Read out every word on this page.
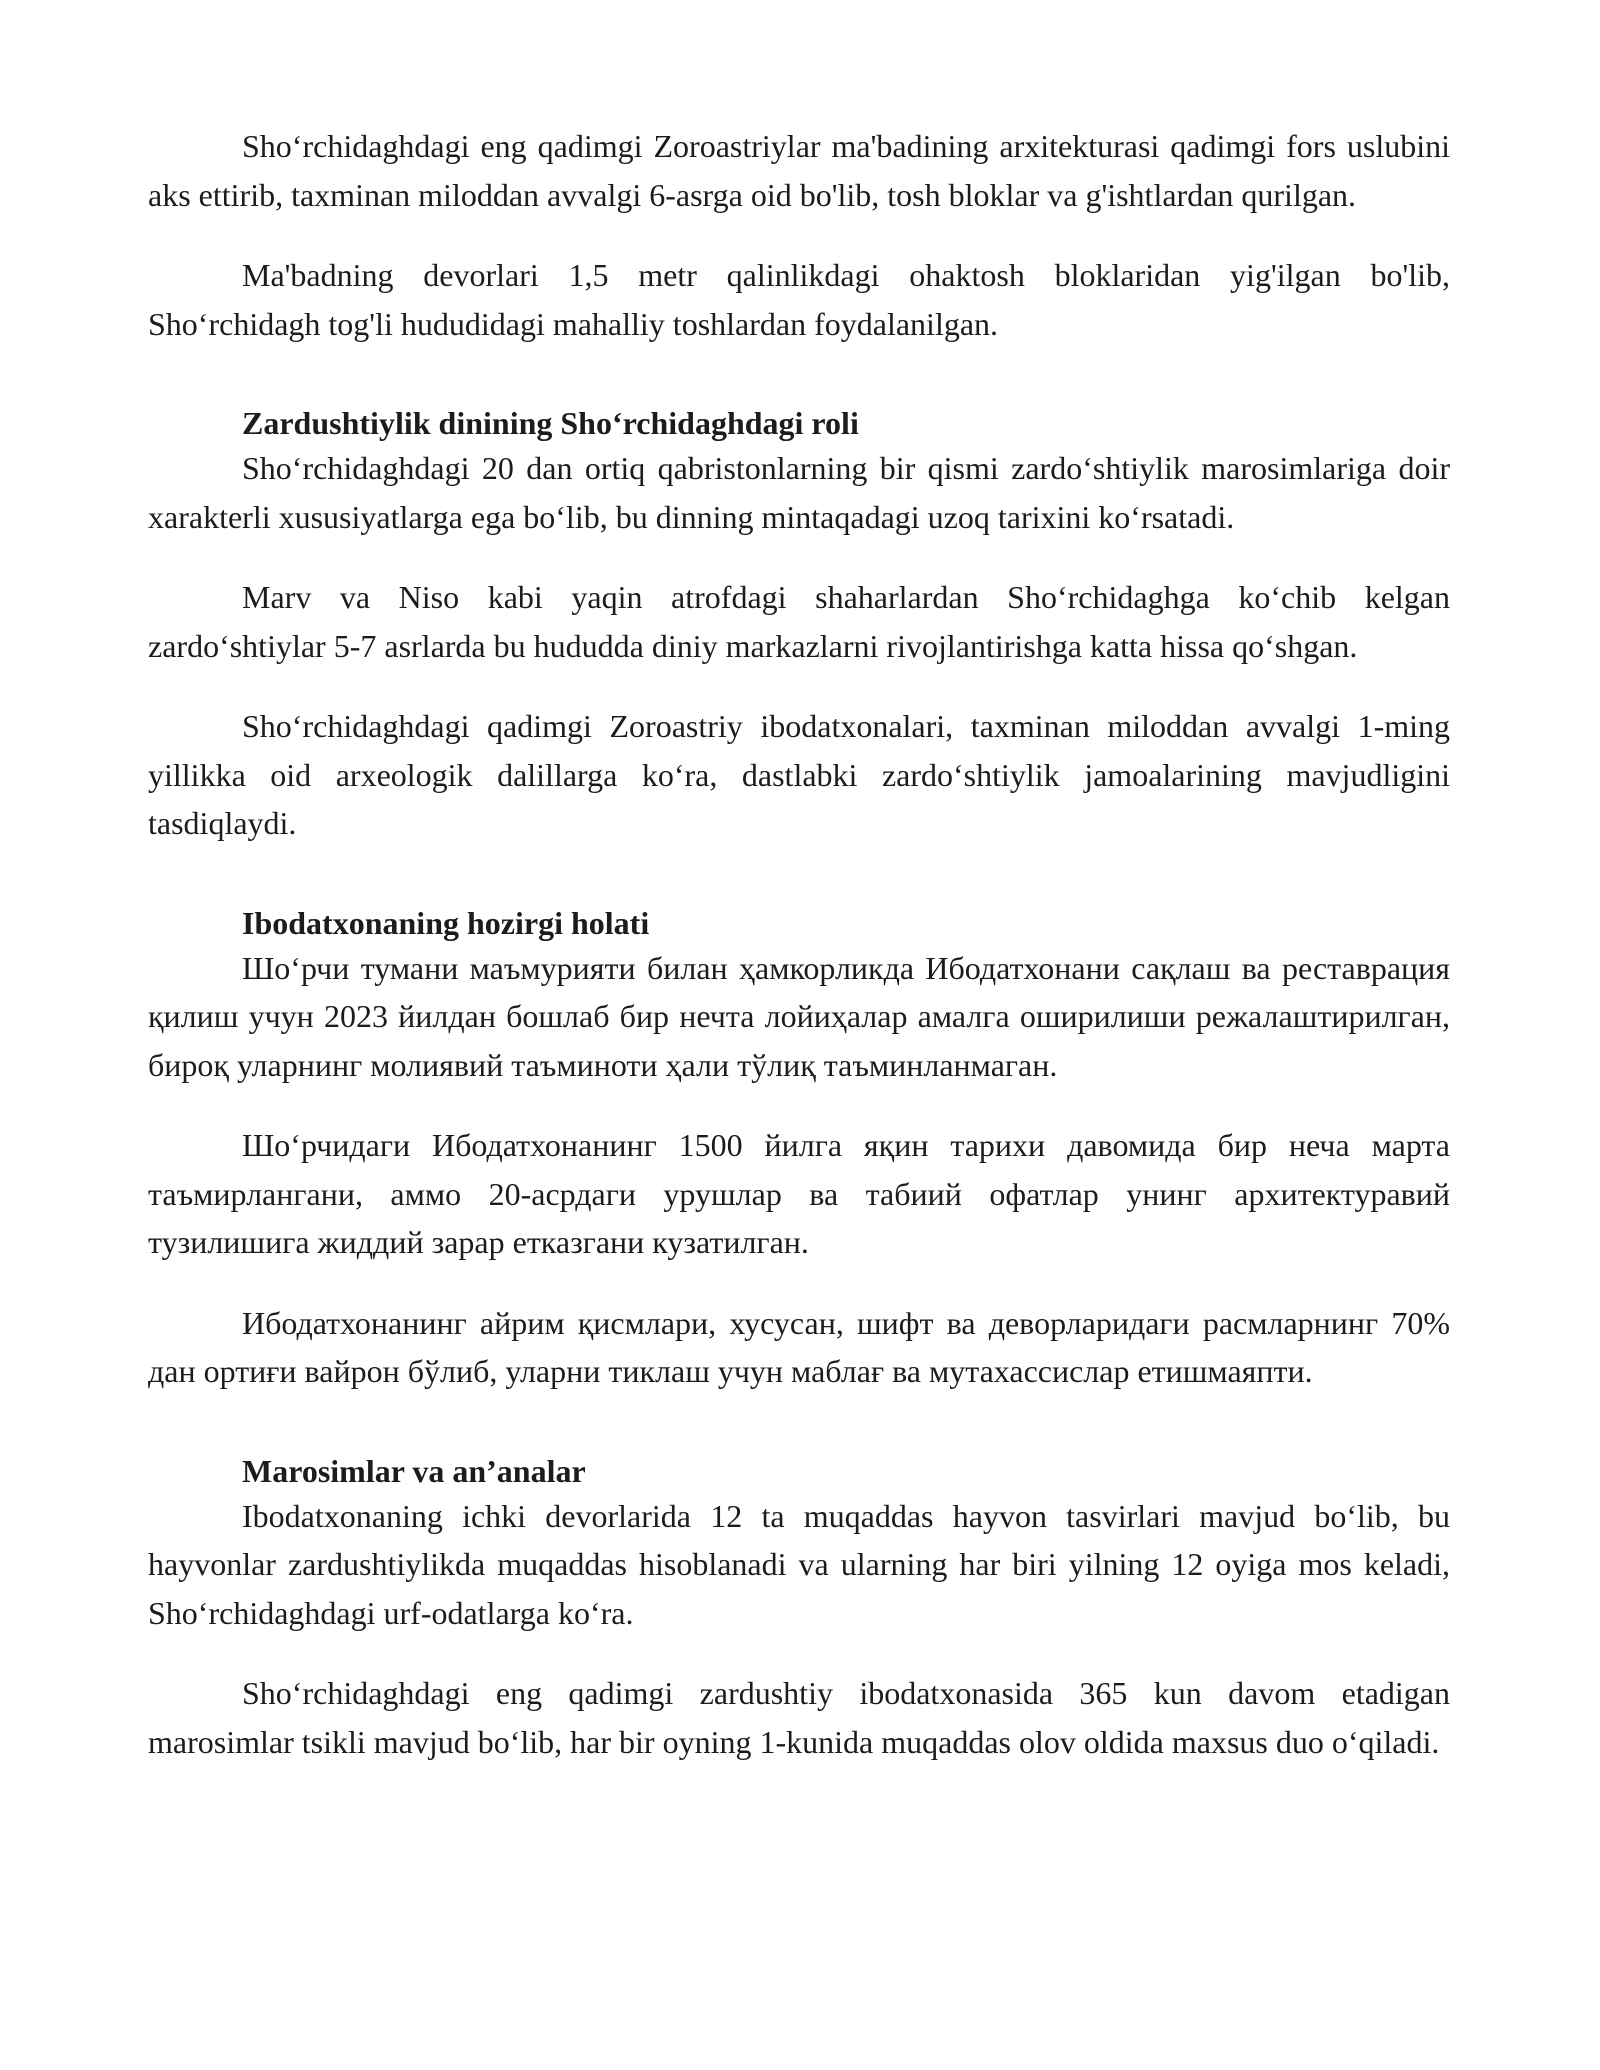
Sho‘rchidaghdagi eng qadimgi Zoroastriylar ma'badining arxitekturasi qadimgi fors uslubini aks ettirib, taxminan miloddan avvalgi 6-asrga oid bo'lib, tosh bloklar va g'ishtlardan qurilgan.

Ma'badning devorlari 1,5 metr qalinlikdagi ohaktosh bloklaridan yig'ilgan bo'lib, Sho‘rchidagh tog'li hududidagi mahalliy toshlardan foydalanilgan.

Zardushtiylik dinining Sho‘rchidaghdagi roli

Sho‘rchidaghdagi 20 dan ortiq qabristonlarning bir qismi zardo‘shtiylik marosimlariga doir xarakterli xususiyatlarga ega bo‘lib, bu dinning mintaqadagi uzoq tarixini ko‘rsatadi.

Marv va Niso kabi yaqin atrofdagi shaharlardan Sho‘rchidaghga ko‘chib kelgan zardo‘shtiylar 5-7 asrlarda bu hududda diniy markazlarni rivojlantirishga katta hissa qo‘shgan.

Sho‘rchidaghdagi qadimgi Zoroastriy ibodatxonalari, taxminan miloddan avvalgi 1-ming yillikka oid arxeologik dalillarga ko‘ra, dastlabki zardo‘shtiylik jamoalarining mavjudligini tasdiqlaydi.

Ibodatxonaning hozirgi holati

Шо‘рчи тумани маъмурияти билан ҳамкорликда Ибодатхонани сақлаш ва реставрация қилиш учун 2023 йилдан бошлаб бир нечта лойиҳалар амалга оширилиши режалаштирилган, бироқ уларнинг молиявий таъминоти ҳали тўлиқ таъминланмаган.

Шо‘рчидаги Ибодатхонанинг 1500 йилга яқин тарихи давомида бир неча марта таъмирлангани, аммо 20-асрдаги урушлар ва табиий офатлар унинг архитектуравий тузилишига жиддий зарар етказгани кузатилган.

Ибодатхонанинг айрим қисмлари, хусусан, шифт ва деворларидаги расмларнинг 70% дан ортиғи вайрон бўлиб, уларни тиклаш учун маблағ ва мутахассислар етишмаяпти.

Marosimlar va an’analar

Ibodatxonaning ichki devorlarida 12 ta muqaddas hayvon tasvirlari mavjud bo‘lib, bu hayvonlar zardushtiylikda muqaddas hisoblanadi va ularning har biri yilning 12 oyiga mos keladi, Sho‘rchidaghdagi urf-odatlarga ko‘ra.

Sho‘rchidaghdagi eng qadimgi zardushtiy ibodatxonasida 365 kun davom etadigan marosimlar tsikli mavjud bo‘lib, har bir oyning 1-kunida muqaddas olov oldida maxsus duo o‘qiladi.
